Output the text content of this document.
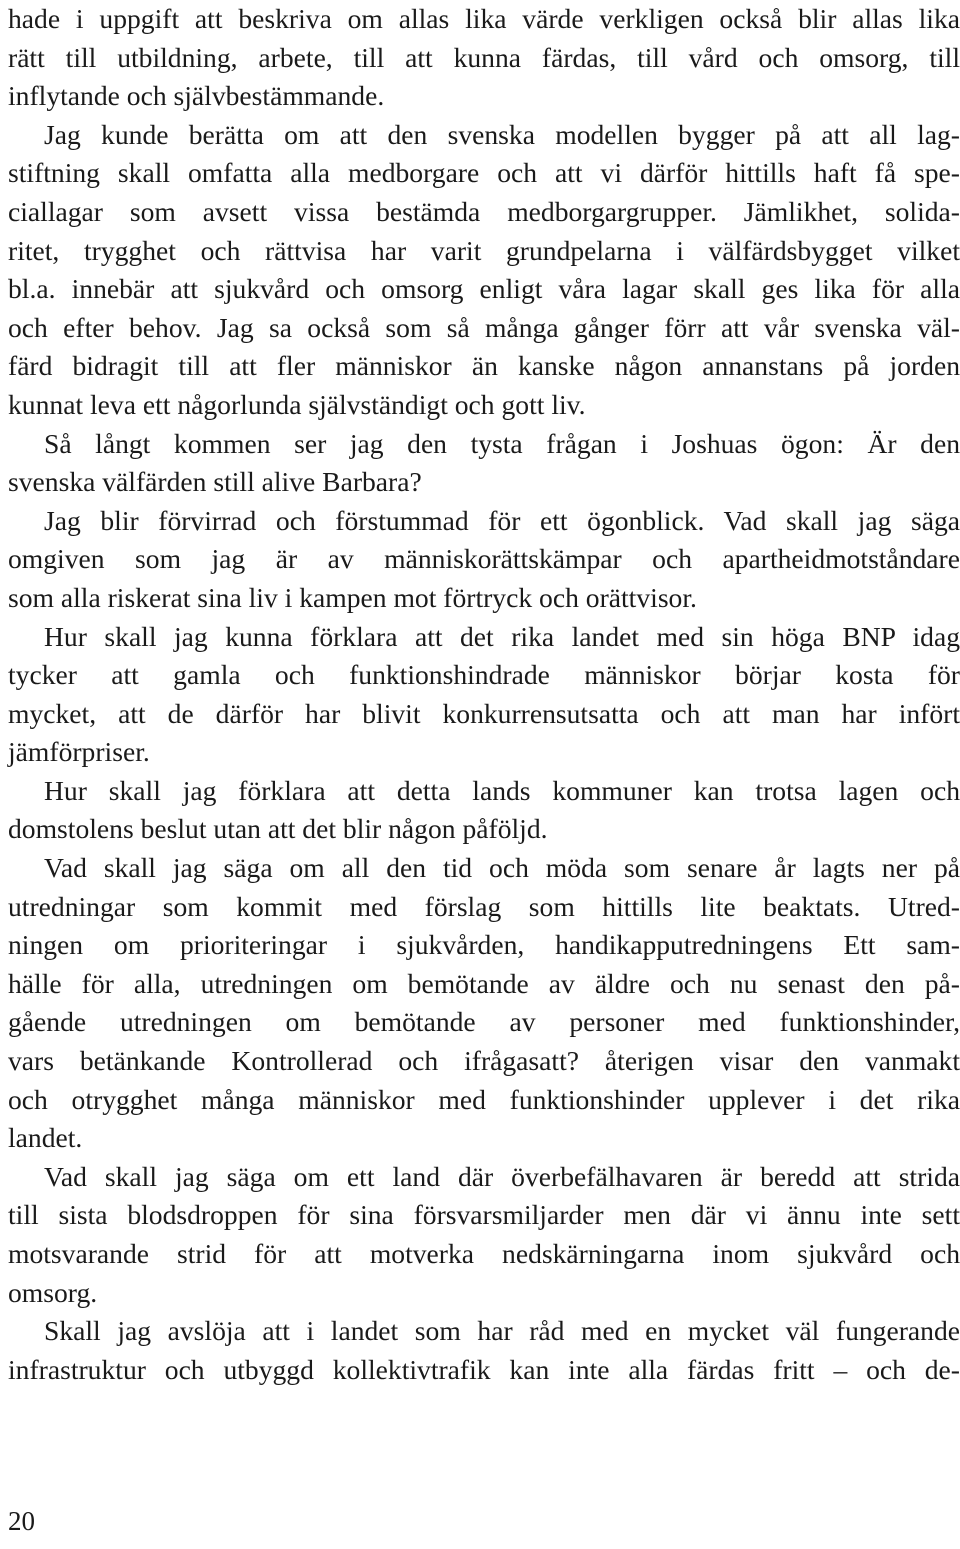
hade i uppgift att beskriva om allas lika värde verkligen också blir allas lika
rätt till utbildning, arbete, till att kunna färdas, till vård och omsorg, till
inflytande och självbestämmande.
Jag kunde berätta om att den svenska modellen bygger på att all lag-
stiftning skall omfatta alla medborgare och att vi därför hittills haft få spe-
ciallagar som avsett vissa bestämda medborgargrupper. Jämlikhet, solida-
ritet, trygghet och rättvisa har varit grundpelarna i välfärdsbygget vilket
bl.a. innebär att sjukvård och omsorg enligt våra lagar skall ges lika för alla
och efter behov. Jag sa också som så många gånger förr att vår svenska väl-
färd bidragit till att fler människor än kanske någon annanstans på jorden
kunnat leva ett någorlunda självständigt och gott liv.
Så långt kommen ser jag den tysta frågan i Joshuas ögon: Är den
svenska välfärden still alive Barbara?
Jag blir förvirrad och förstummad för ett ögonblick. Vad skall jag säga
omgiven som jag är av människorättskämpar och apartheidmotståndare
som alla riskerat sina liv i kampen mot förtryck och orättvisor.
Hur skall jag kunna förklara att det rika landet med sin höga BNP idag
tycker att gamla och funktionshindrade människor börjar kosta för
mycket, att de därför har blivit konkurrensutsatta och att man har infört
jämförpriser.
Hur skall jag förklara att detta lands kommuner kan trotsa lagen och
domstolens beslut utan att det blir någon påföljd.
Vad skall jag säga om all den tid och möda som senare år lagts ner på
utredningar som kommit med förslag som hittills lite beaktats. Utred-
ningen om prioriteringar i sjukvården, handikapputredningens Ett sam-
hälle för alla, utredningen om bemötande av äldre och nu senast den på-
gående utredningen om bemötande av personer med funktionshinder,
vars betänkande Kontrollerad och ifrågasatt? återigen visar den vanmakt
och otrygghet många människor med funktionshinder upplever i det rika
landet.
Vad skall jag säga om ett land där överbefälhavaren är beredd att strida
till sista blodsdroppen för sina försvarsmiljarder men där vi ännu inte sett
motsvarande strid för att motverka nedskärningarna inom sjukvård och
omsorg.
Skall jag avslöja att i landet som har råd med en mycket väl fungerande
infrastruktur och utbyggd kollektivtrafik kan inte alla färdas fritt – och de-
20
